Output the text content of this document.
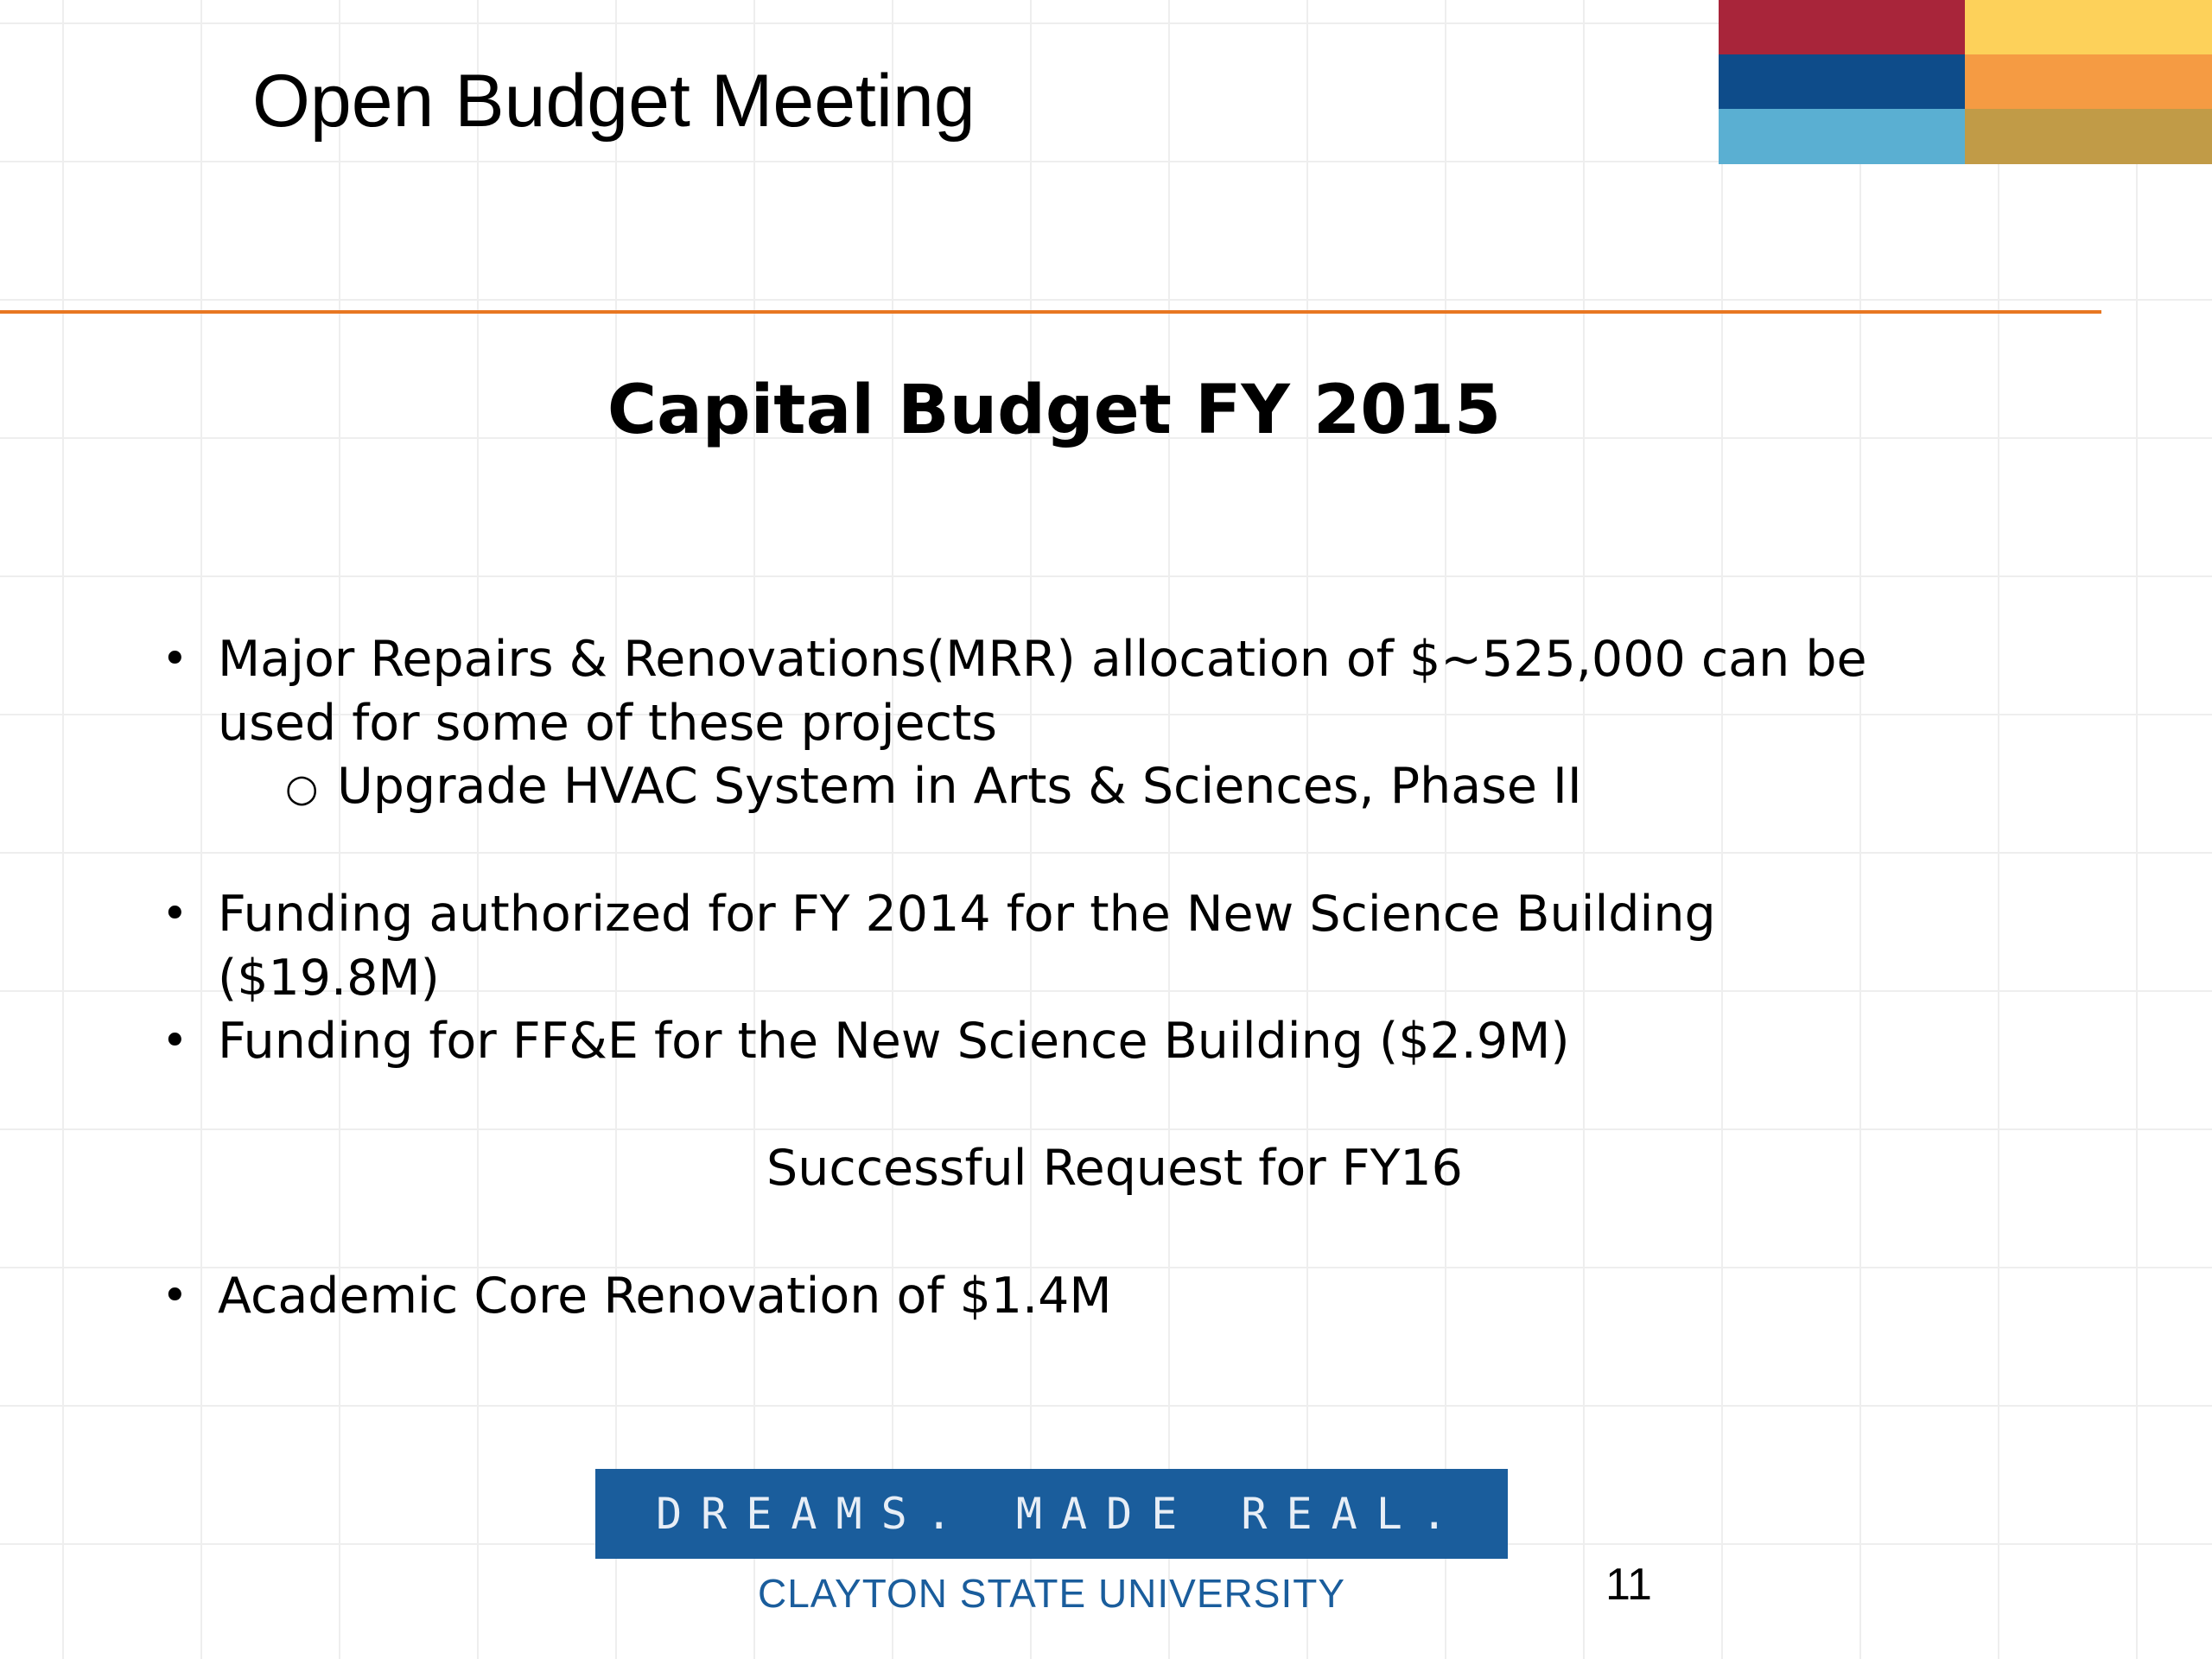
Open Budget Meeting
Capital Budget FY 2015
• Major Repairs & Renovations(MRR) allocation of $~525,000 can be
used for some of these projects
○ Upgrade HVAC System in Arts & Sciences, Phase II
• Funding authorized for FY 2014 for the New Science Building
($19.8M)
• Funding for FF&E for the New Science Building ($2.9M)
Successful Request for FY16
• Academic Core Renovation of $1.4M
DREAMS. MADE REAL.
CLAYTON STATE UNIVERSITY	11
